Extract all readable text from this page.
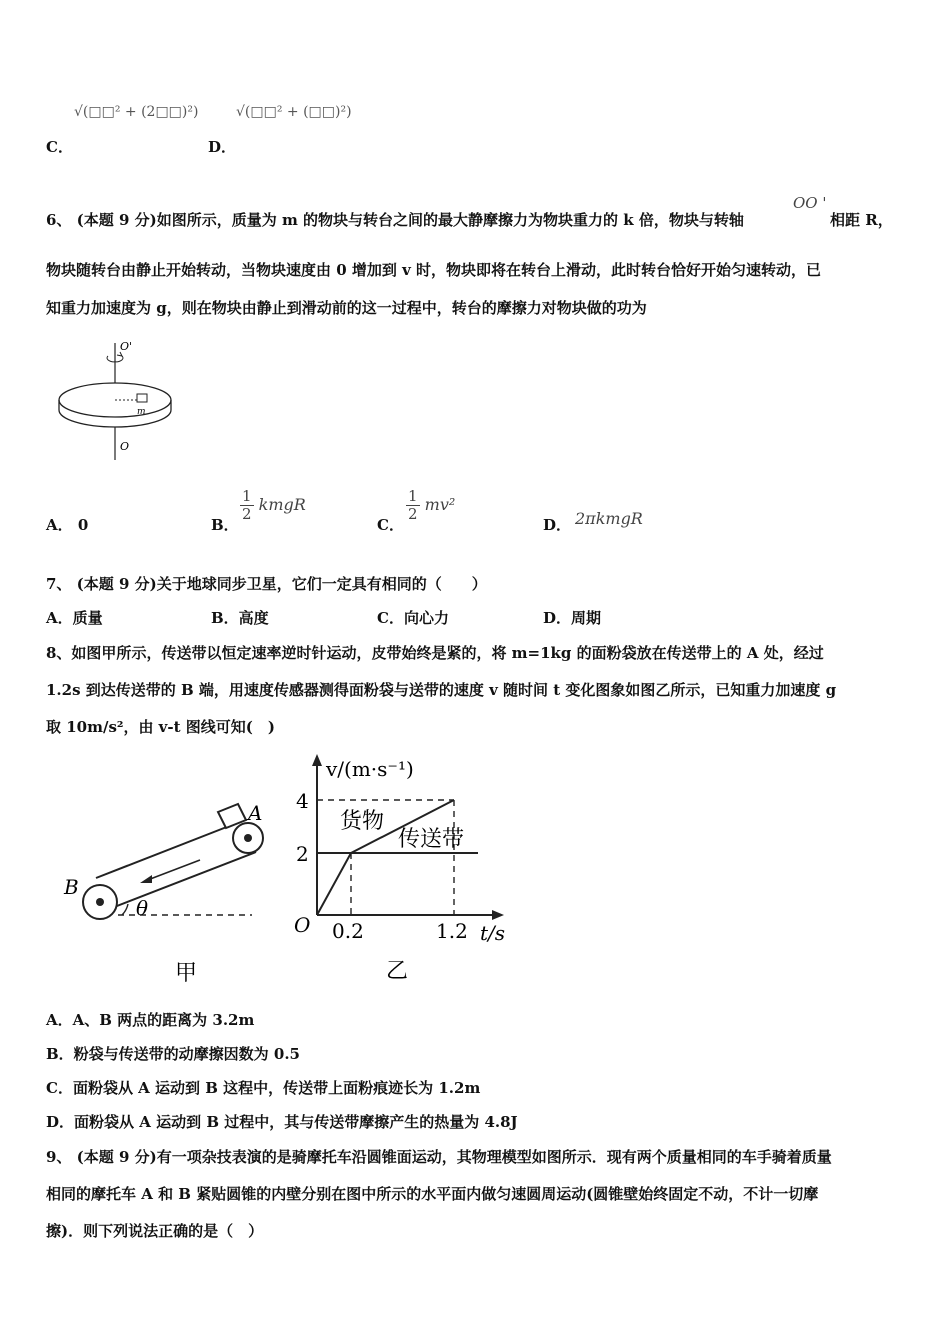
C．
√(□□² + (2□□)²)
D．
√(□□² + (□□)²)
6、 (本题 9 分)如图所示，质量为 m 的物块与转台之间的最大静摩擦力为物块重力的 k 倍，物块与转轴
OO '
相距 R，
物块随转台由静止开始转动，当物块速度由 0 增加到 v 时，物块即将在转台上滑动，此时转台恰好开始匀速转动，已
知重力加速度为 g，则在物块由静止到滑动前的这一过程中，转台的摩擦力对物块做的功为
O'
m
O
A． 0	B．
$\frac{1}{2}$ kmgR
C．
$\frac{1}{2} mv^2$
D． 2πkmgR
7、 (本题 9 分)关于地球同步卫星，它们一定具有相同的（　　）
A．质量	B．高度	C．向心力	D．周期
8、如图甲所示，传送带以恒定速率逆时针运动，皮带始终是紧的，将 m=1kg 的面粉袋放在传送带上的 A 处，经过
1.2s 到达传送带的 B 端，用速度传感器测得面粉袋与送带的速度 v 随时间 t 变化图象如图乙所示，已知重力加速度 g
取 10m/s²，由 v-t 图线可知(　)
A
B
θ
甲
v/(m·s⁻¹)
t/s
O
4
2
0.2	1.2
货物
传送带
乙
A．A、B 两点的距离为 3.2m
B．粉袋与传送带的动摩擦因数为 0.5
C．面粉袋从 A 运动到 B 这程中，传送带上面粉痕迹长为 1.2m
D．面粉袋从 A 运动到 B 过程中，其与传送带摩擦产生的热量为 4.8J
9、 (本题 9 分)有一项杂技表演的是骑摩托车沿圆锥面运动，其物理模型如图所示．现有两个质量相同的车手骑着质量
相同的摩托车 A 和 B 紧贴圆锥的内壁分别在图中所示的水平面内做匀速圆周运动(圆锥壁始终固定不动，不计一切摩
擦)．则下列说法正确的是（　）
